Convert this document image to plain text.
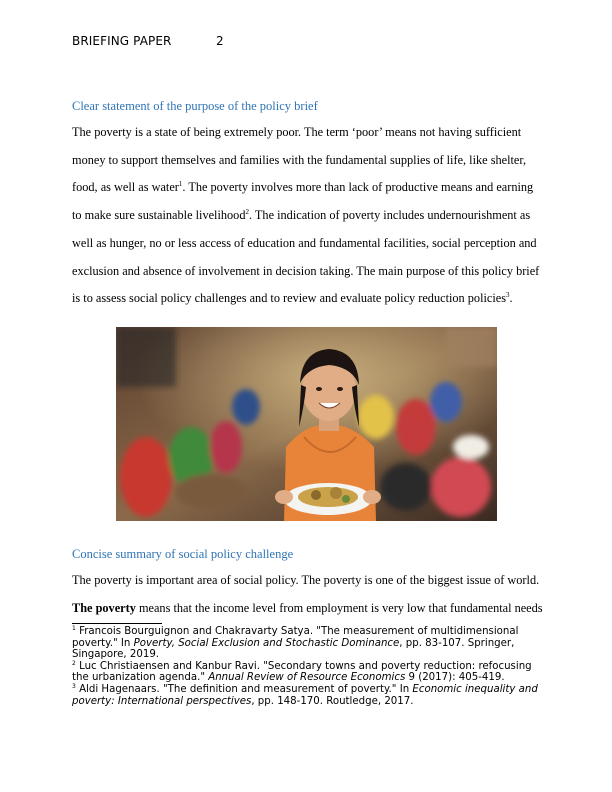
BRIEFING PAPER	2
Clear statement of the purpose of the policy brief

The poverty is a state of being extremely poor. The term ‘poor’ means not having sufficient money to support themselves and families with the fundamental supplies of life, like shelter, food, as well as water$^1$. The poverty involves more than lack of productive means and earning to make sure sustainable livelihood$^2$. The indication of poverty includes undernourishment as well as hunger, no or less access of education and fundamental facilities, social perception and exclusion and absence of involvement in decision taking. The main purpose of this policy brief is to assess social policy challenges and to review and evaluate policy reduction policies$^3$.

Concise summary of social policy challenge

The poverty is important area of social policy. The poverty is one of the biggest issue of world. The poverty means that the income level from employment is very low that fundamental needs

$^1$ Francois Bourguignon and Chakravarty Satya. "The measurement of multidimensional poverty." In Poverty, Social Exclusion and Stochastic Dominance, pp. 83-107. Springer, Singapore, 2019.

$^2$ Luc Christiaensen and Kanbur Ravi. "Secondary towns and poverty reduction: refocusing the urbanization agenda." Annual Review of Resource Economics 9 (2017): 405-419.

$^3$ Aldi Hagenaars. "The definition and measurement of poverty." In Economic inequality and poverty: International perspectives, pp. 148-170. Routledge, 2017.
